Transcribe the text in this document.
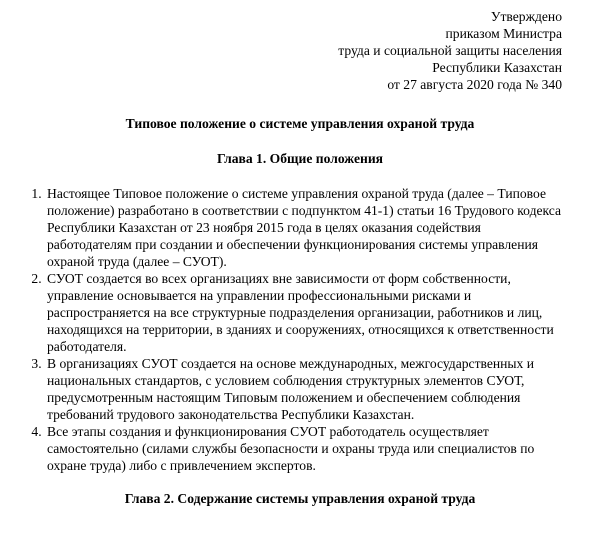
Утверждено
приказом Министра
труда и социальной защиты населения
Республики Казахстан
от 27 августа 2020 года № 340
Типовое положение о системе управления охраной труда
Глава 1. Общие положения
1. Настоящее Типовое положение о системе управления охраной труда (далее – Типовое положение) разработано в соответствии с подпунктом 41-1) статьи 16 Трудового кодекса Республики Казахстан от 23 ноября 2015 года в целях оказания содействия работодателям при создании и обеспечении функционирования системы управления охраной труда (далее – СУОТ).
2. СУОТ создается во всех организациях вне зависимости от форм собственности, управление основывается на управлении профессиональными рисками и распространяется на все структурные подразделения организации, работников и лиц, находящихся на территории, в зданиях и сооружениях, относящихся к ответственности работодателя.
3. В организациях СУОТ создается на основе международных, межгосударственных и национальных стандартов, с условием соблюдения структурных элементов СУОТ, предусмотренным настоящим Типовым положением и обеспечением соблюдения требований трудового законодательства Республики Казахстан.
4. Все этапы создания и функционирования СУОТ работодатель осуществляет самостоятельно (силами службы безопасности и охраны труда или специалистов по охране труда) либо с привлечением экспертов.
Глава 2. Содержание системы управления охраной труда
